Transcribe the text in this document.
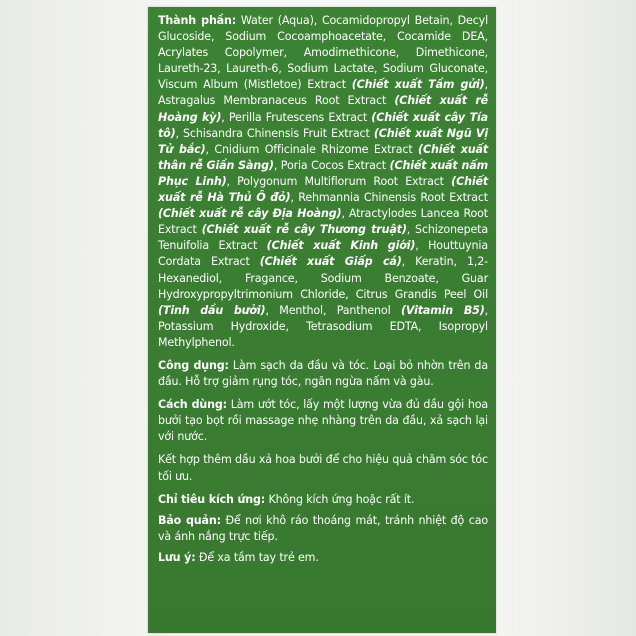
Thành phần: Water (Aqua), Cocamidopropyl Betain, Decyl Glucoside, Sodium Cocoamphoacetate, Cocamide DEA, Acrylates Copolymer, Amodimethicone, Dimethicone, Laureth-23, Laureth-6, Sodium Lactate, Sodium Gluconate, Viscum Album (Mistletoe) Extract (Chiết xuất Tầm gửi), Astragalus Membranaceus Root Extract (Chiết xuất rễ Hoàng kỳ), Perilla Frutescens Extract (Chiết xuất cây Tía tô), Schisandra Chinensis Fruit Extract (Chiết xuất Ngũ Vị Tử bắc), Cnidium Officinale Rhizome Extract (Chiết xuất thân rễ Giần Sàng), Poria Cocos Extract (Chiết xuất nấm Phục Linh), Polygonum Multiflorum Root Extract (Chiết xuất rễ Hà Thủ Ô đỏ), Rehmannia Chinensis Root Extract (Chiết xuất rễ cây Địa Hoàng), Atractylodes Lancea Root Extract (Chiết xuất rễ cây Thương truật), Schizonepeta Tenuifolia Extract (Chiết xuất Kinh giới), Houttuynia Cordata Extract (Chiết xuất Giấp cá), Keratin, 1,2-Hexanediol, Fragance, Sodium Benzoate, Guar Hydroxypropyltrimonium Chloride, Citrus Grandis Peel Oil (Tinh dầu bưởi), Menthol, Panthenol (Vitamin B5), Potassium Hydroxide, Tetrasodium EDTA, Isopropyl Methylphenol.

Công dụng: Làm sạch da đầu và tóc. Loại bỏ nhờn trên da đầu. Hỗ trợ giảm rụng tóc, ngăn ngừa nấm và gàu.

Cách dùng: Làm ướt tóc, lấy một lượng vừa đủ dầu gội hoa bưởi tạo bọt rồi massage nhẹ nhàng trên da đầu, xả sạch lại với nước.

Kết hợp thêm dầu xả hoa bưởi để cho hiệu quả chăm sóc tóc tối ưu.

Chỉ tiêu kích ứng: Không kích ứng hoặc rất ít.

Bảo quản: Để nơi khô ráo thoáng mát, tránh nhiệt độ cao và ánh nắng trực tiếp.

Lưu ý: Để xa tầm tay trẻ em.
